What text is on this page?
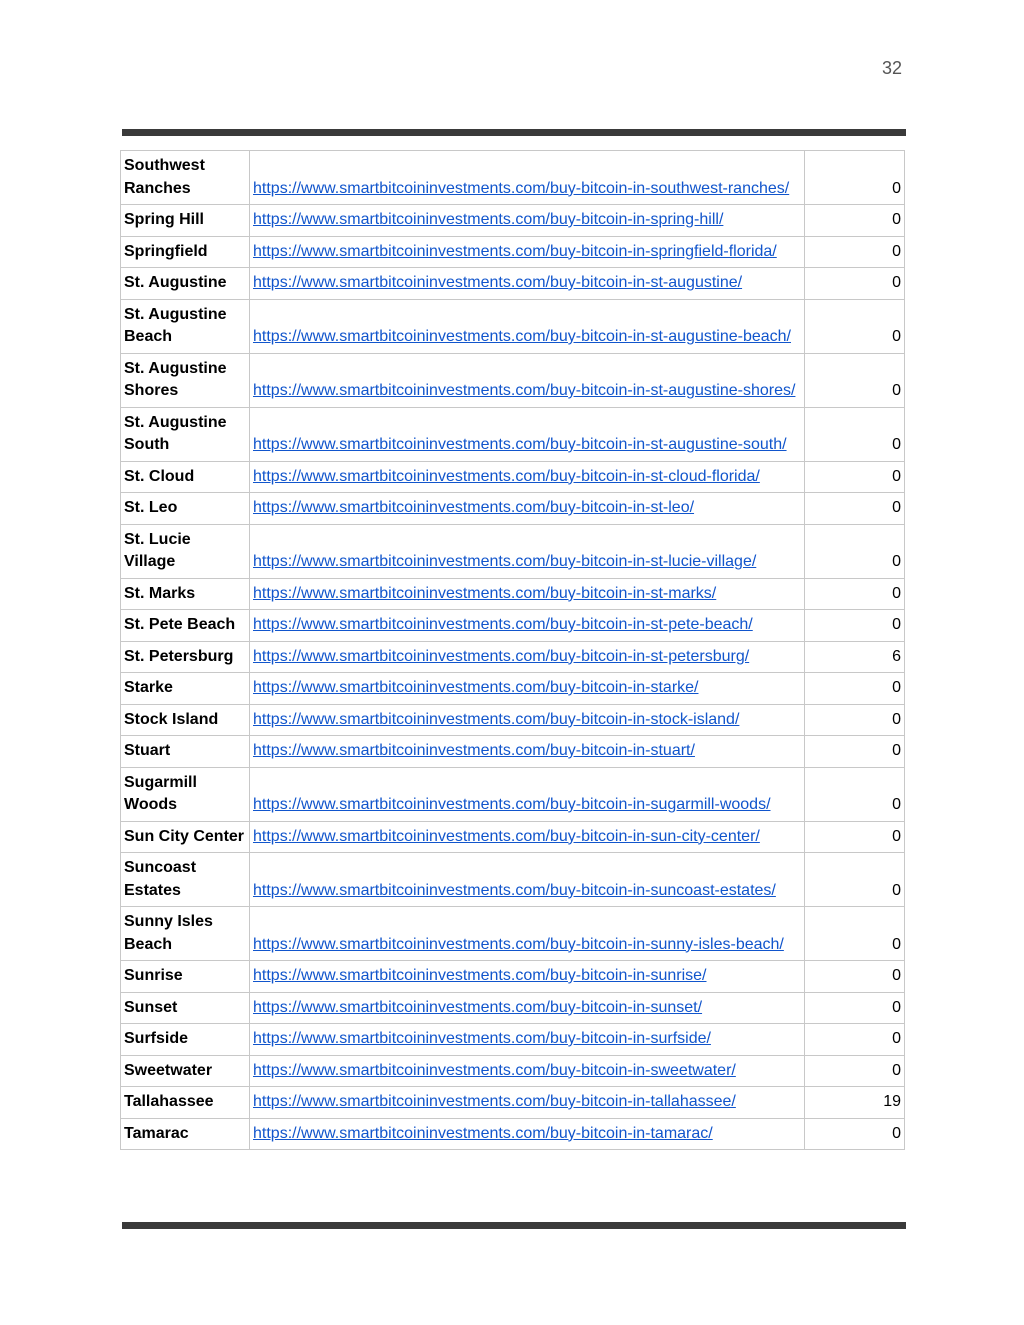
32
Southwest Ranches	https://www.smartbitcoininvestments.com/buy-bitcoin-in-southwest-ranches/	0
Spring Hill	https://www.smartbitcoininvestments.com/buy-bitcoin-in-spring-hill/	0
Springfield	https://www.smartbitcoininvestments.com/buy-bitcoin-in-springfield-florida/	0
St. Augustine	https://www.smartbitcoininvestments.com/buy-bitcoin-in-st-augustine/	0
St. Augustine Beach	https://www.smartbitcoininvestments.com/buy-bitcoin-in-st-augustine-beach/	0
St. Augustine Shores	https://www.smartbitcoininvestments.com/buy-bitcoin-in-st-augustine-shores/	0
St. Augustine South	https://www.smartbitcoininvestments.com/buy-bitcoin-in-st-augustine-south/	0
St. Cloud	https://www.smartbitcoininvestments.com/buy-bitcoin-in-st-cloud-florida/	0
St. Leo	https://www.smartbitcoininvestments.com/buy-bitcoin-in-st-leo/	0
St. Lucie Village	https://www.smartbitcoininvestments.com/buy-bitcoin-in-st-lucie-village/	0
St. Marks	https://www.smartbitcoininvestments.com/buy-bitcoin-in-st-marks/	0
St. Pete Beach	https://www.smartbitcoininvestments.com/buy-bitcoin-in-st-pete-beach/	0
St. Petersburg	https://www.smartbitcoininvestments.com/buy-bitcoin-in-st-petersburg/	6
Starke	https://www.smartbitcoininvestments.com/buy-bitcoin-in-starke/	0
Stock Island	https://www.smartbitcoininvestments.com/buy-bitcoin-in-stock-island/	0
Stuart	https://www.smartbitcoininvestments.com/buy-bitcoin-in-stuart/	0
Sugarmill Woods	https://www.smartbitcoininvestments.com/buy-bitcoin-in-sugarmill-woods/	0
Sun City Center	https://www.smartbitcoininvestments.com/buy-bitcoin-in-sun-city-center/	0
Suncoast Estates	https://www.smartbitcoininvestments.com/buy-bitcoin-in-suncoast-estates/	0
Sunny Isles Beach	https://www.smartbitcoininvestments.com/buy-bitcoin-in-sunny-isles-beach/	0
Sunrise	https://www.smartbitcoininvestments.com/buy-bitcoin-in-sunrise/	0
Sunset	https://www.smartbitcoininvestments.com/buy-bitcoin-in-sunset/	0
Surfside	https://www.smartbitcoininvestments.com/buy-bitcoin-in-surfside/	0
Sweetwater	https://www.smartbitcoininvestments.com/buy-bitcoin-in-sweetwater/	0
Tallahassee	https://www.smartbitcoininvestments.com/buy-bitcoin-in-tallahassee/	19
Tamarac	https://www.smartbitcoininvestments.com/buy-bitcoin-in-tamarac/	0
